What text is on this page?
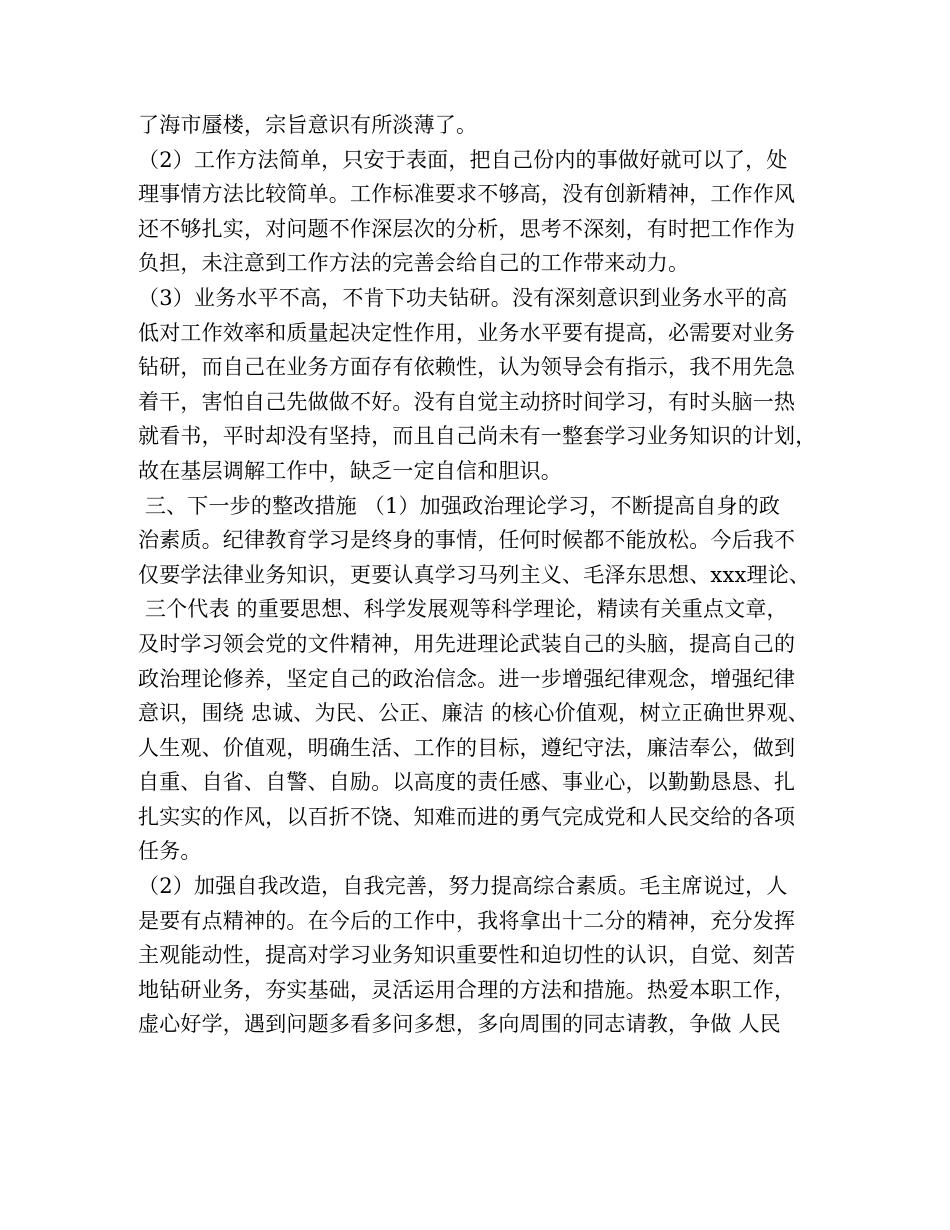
了海市蜃楼，宗旨意识有所淡薄了。
（2）工作方法简单，只安于表面，把自己份内的事做好就可以了，处
理事情方法比较简单。工作标准要求不够高，没有创新精神，工作作风
还不够扎实，对问题不作深层次的分析，思考不深刻，有时把工作作为
负担，未注意到工作方法的完善会给自己的工作带来动力。
（3）业务水平不高，不肯下功夫钻研。没有深刻意识到业务水平的高
低对工作效率和质量起决定性作用，业务水平要有提高，必需要对业务
钻研，而自己在业务方面存有依赖性，认为领导会有指示，我不用先急
着干，害怕自己先做做不好。没有自觉主动挤时间学习，有时头脑一热
就看书，平时却没有坚持，而且自己尚未有一整套学习业务知识的计划，
故在基层调解工作中，缺乏一定自信和胆识。
三、下一步的整改措施 （1）加强政治理论学习，不断提高自身的政
治素质。纪律教育学习是终身的事情，任何时候都不能放松。今后我不
仅要学法律业务知识，更要认真学习马列主义、毛泽东思想、xxx理论、
三个代表 的重要思想、科学发展观等科学理论，精读有关重点文章，
及时学习领会党的文件精神，用先进理论武装自己的头脑，提高自己的
政治理论修养，坚定自己的政治信念。进一步增强纪律观念，增强纪律
意识，围绕 忠诚、为民、公正、廉洁 的核心价值观，树立正确世界观、
人生观、价值观，明确生活、工作的目标，遵纪守法，廉洁奉公，做到
自重、自省、自警、自励。以高度的责任感、事业心，以勤勤恳恳、扎
扎实实的作风，以百折不饶、知难而进的勇气完成党和人民交给的各项
任务。
（2）加强自我改造，自我完善，努力提高综合素质。毛主席说过，人
是要有点精神的。在今后的工作中，我将拿出十二分的精神，充分发挥
主观能动性，提高对学习业务知识重要性和迫切性的认识，自觉、刻苦
地钻研业务，夯实基础，灵活运用合理的方法和措施。热爱本职工作，
虚心好学，遇到问题多看多问多想，多向周围的同志请教，争做 人民
